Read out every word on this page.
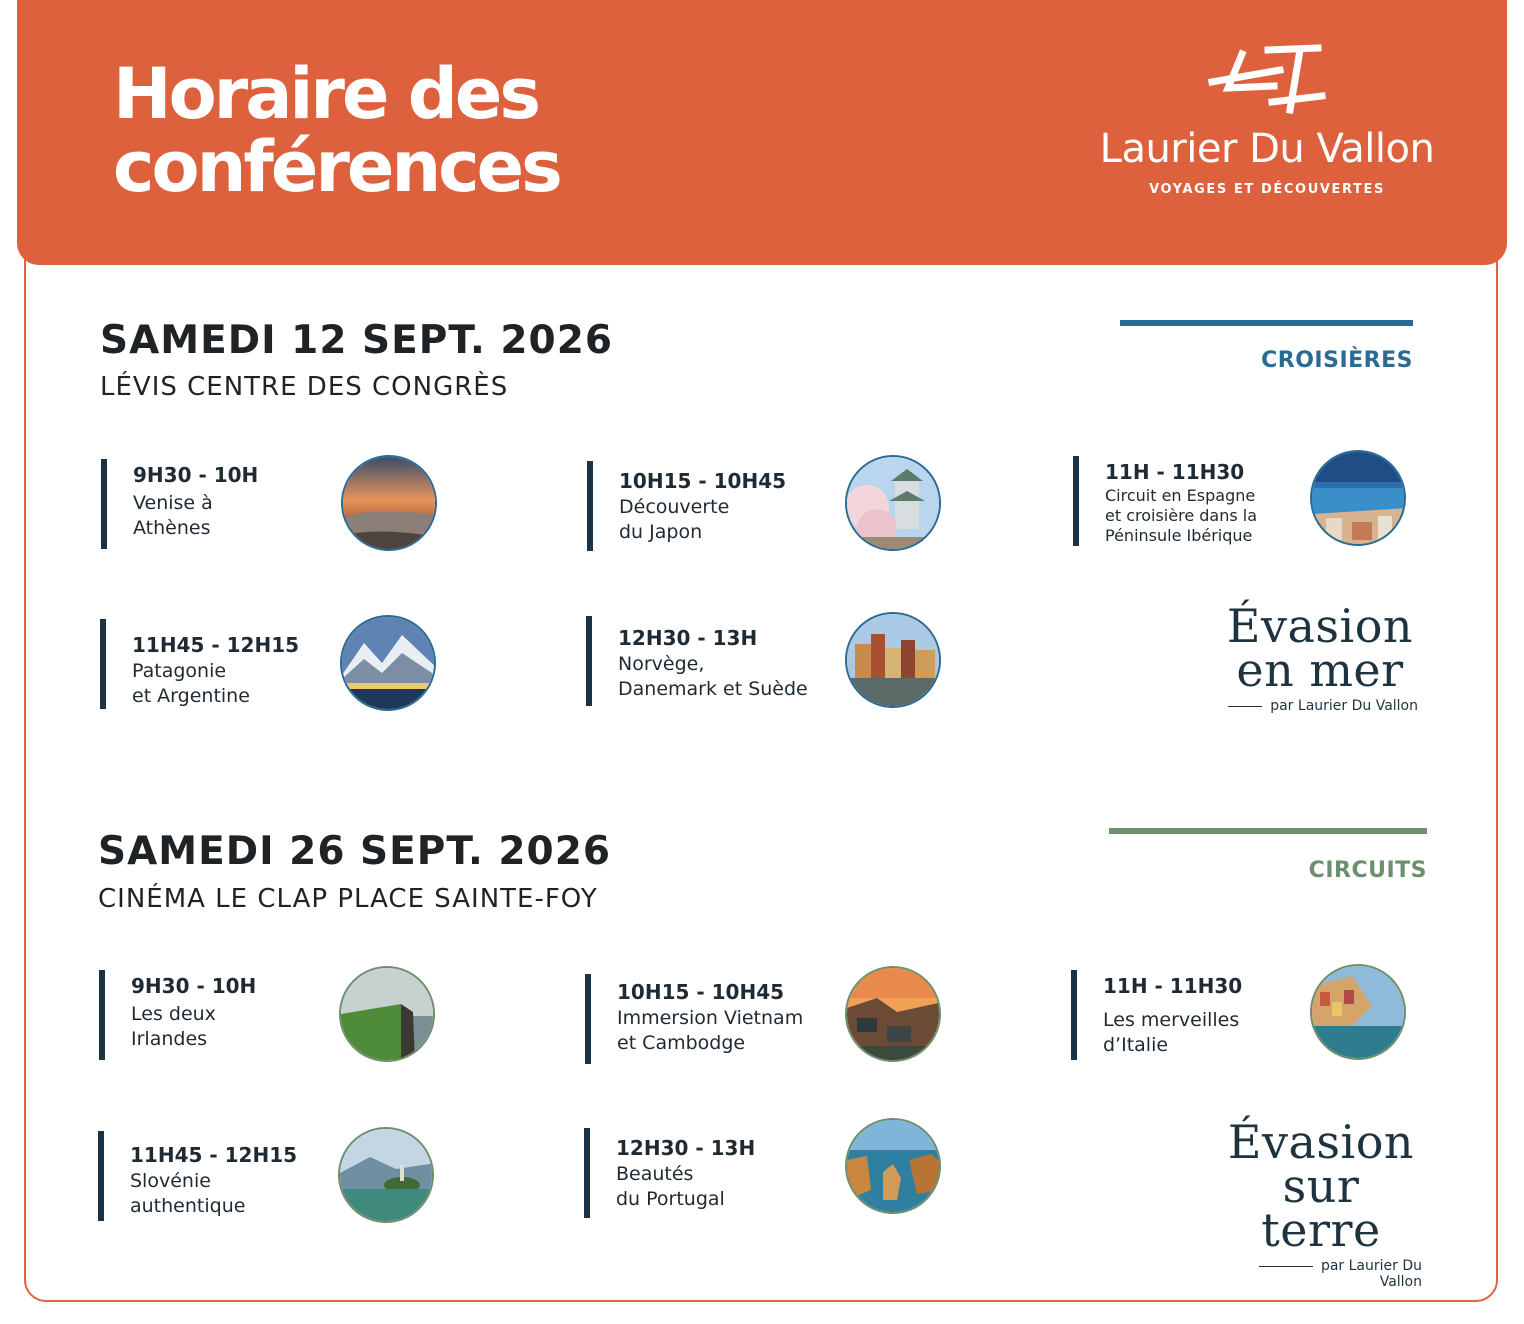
Horaire des
conférences	Laurier Du Vallon
VOYAGES ET DÉCOUVERTES
SAMEDI 12 SEPT. 2026
LÉVIS CENTRE DES CONGRÈS
CROISIÈRES
9H30 - 10H
Venise à
Athènes
10H15 - 10H45
Découverte
du Japon
11H - 11H30
Circuit en Espagne
et croisière dans la
Péninsule Ibérique
11H45 - 12H15
Patagonie
et Argentine
12H30 - 13H
Norvège,
Danemark et Suède
Évasion
en mer
par Laurier Du Vallon
SAMEDI 26 SEPT. 2026
CINÉMA LE CLAP PLACE SAINTE-FOY
CIRCUITS
9H30 - 10H
Les deux
Irlandes
10H15 - 10H45
Immersion Vietnam
et Cambodge
11H - 11H30
Les merveilles
d’Italie
11H45 - 12H15
Slovénie
authentique
12H30 - 13H
Beautés
du Portugal
Évasion
sur terre
par Laurier Du Vallon
